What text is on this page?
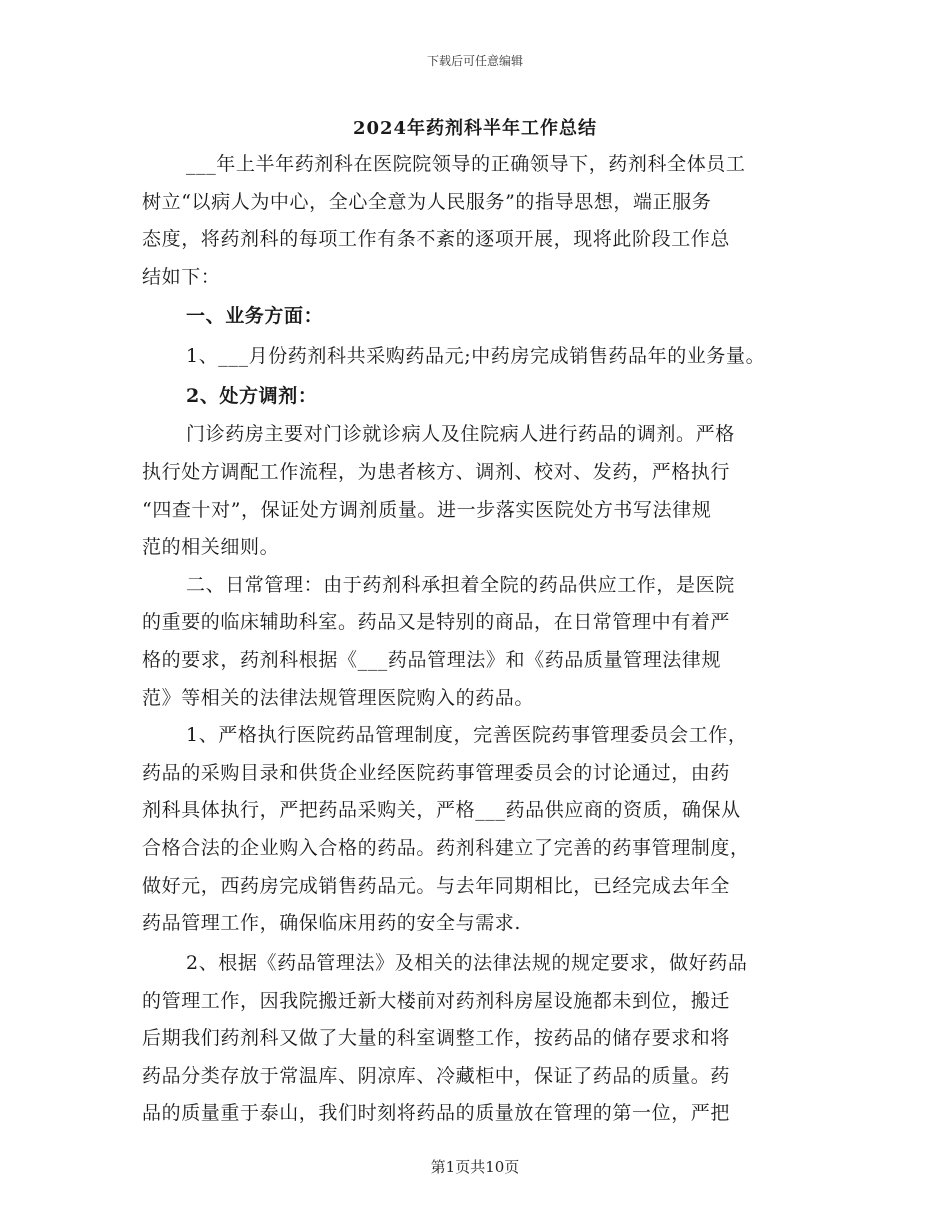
下载后可任意编辑
2024年药剂科半年工作总结
___年上半年药剂科在医院院领导的正确领导下，药剂科全体员工
树立“以病人为中心，全心全意为人民服务”的指导思想，端正服务
态度，将药剂科的每项工作有条不紊的逐项开展，现将此阶段工作总
结如下：
一、业务方面：
1、___月份药剂科共采购药品元;中药房完成销售药品年的业务量。
2、处方调剂：
门诊药房主要对门诊就诊病人及住院病人进行药品的调剂。严格
执行处方调配工作流程，为患者核方、调剂、校对、发药，严格执行
“四查十对”，保证处方调剂质量。进一步落实医院处方书写法律规
范的相关细则。
二、日常管理：由于药剂科承担着全院的药品供应工作，是医院
的重要的临床辅助科室。药品又是特别的商品，在日常管理中有着严
格的要求，药剂科根据《___药品管理法》和《药品质量管理法律规
范》等相关的法律法规管理医院购入的药品。
1、严格执行医院药品管理制度，完善医院药事管理委员会工作，
药品的采购目录和供货企业经医院药事管理委员会的讨论通过，由药
剂科具体执行，严把药品采购关，严格___药品供应商的资质，确保从
合格合法的企业购入合格的药品。药剂科建立了完善的药事管理制度，
做好元，西药房完成销售药品元。与去年同期相比，已经完成去年全
药品管理工作，确保临床用药的安全与需求.
2、根据《药品管理法》及相关的法律法规的规定要求，做好药品
的管理工作，因我院搬迁新大楼前对药剂科房屋设施都未到位，搬迁
后期我们药剂科又做了大量的科室调整工作，按药品的储存要求和将
药品分类存放于常温库、阴凉库、冷藏柜中，保证了药品的质量。药
品的质量重于泰山，我们时刻将药品的质量放在管理的第一位，严把
第1页共10页
